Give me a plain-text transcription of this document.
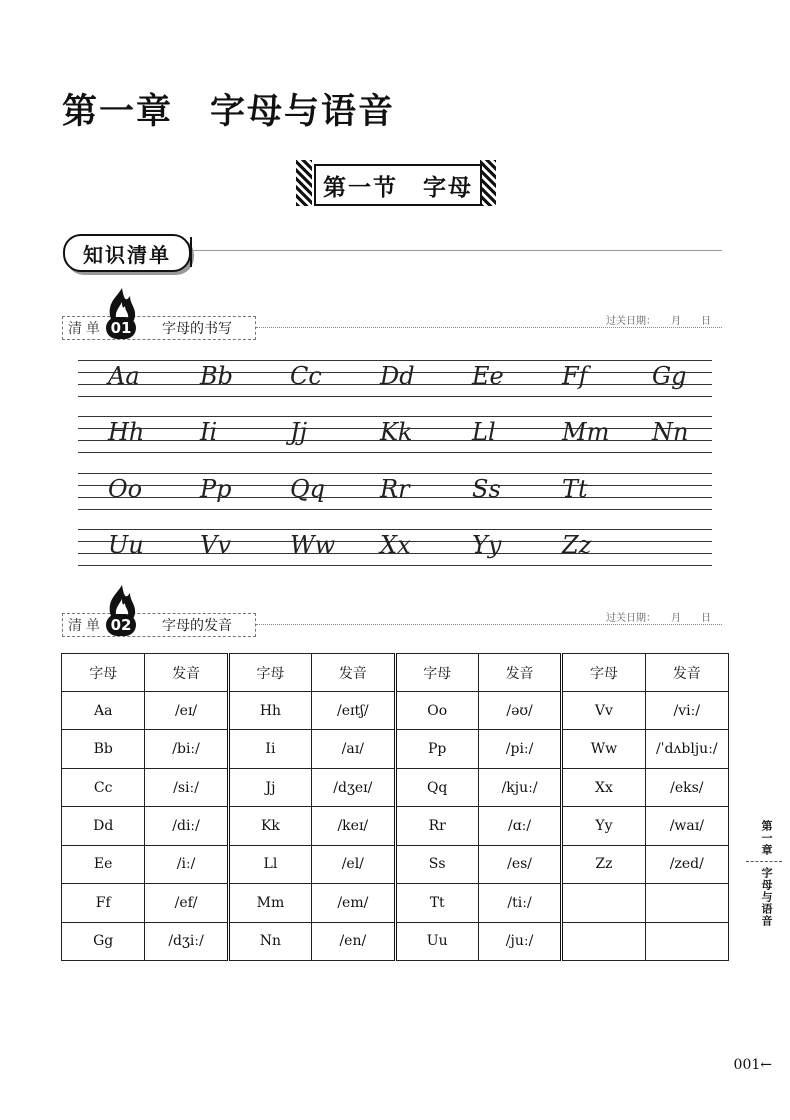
第一章　字母与语音
第一节　字母
知识清单
清单 01	字母的书写	过关日期：　　月　　日
Aa	Bb Cc Dd Ee Ff	Gg
Hh Ii	Jj	Kk Ll	Mm Nn
Oo Pp Qq Rr	Ss	Tt
Uu Vv Ww Xx	Yy	Zz
清单 02	字母的发音	过关日期：　　月　　日
字母	发音	字母	发音	字母	发音	字母	发音
Aa	/eɪ/	Hh	/eɪtʃ/	Oo	/əʊ/	Vv	/viː/
Bb	/biː/	Ii	/aɪ/	Pp	/piː/	Ww	/ˈdʌbljuː/
Cc	/siː/	Jj	/dʒeɪ/	Qq	/kjuː/	Xx	/eks/
Dd	/diː/	Kk	/keɪ/	Rr	/ɑː/	Yy	/waɪ/
Ee	/iː/	Ll	/el/	Ss	/es/	Zz	/zed/
Ff	/ef/	Mm	/em/	Tt	/tiː/		
Gg	/dʒiː/	Nn	/en/	Uu	/juː/		
第一章
字母与语音
001←
